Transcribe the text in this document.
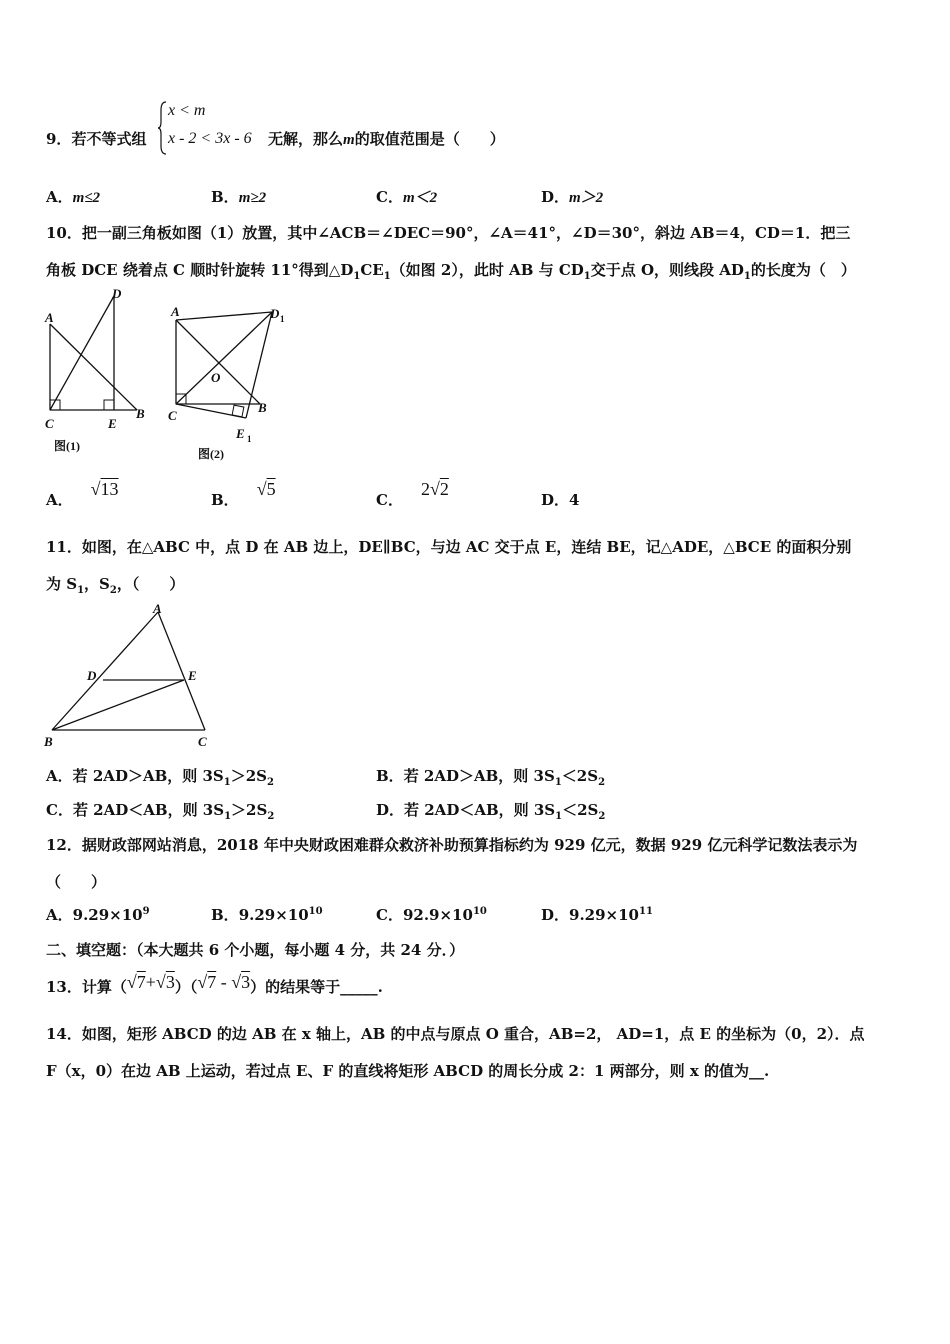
9．若不等式组
x < m
x - 2 < 3x - 6 无解，那么m的取值范围是（　　）
A．m≤2	B．m≥2	C．m＜2	D．m＞2
10．把一副三角板如图（1）放置，其中∠ACB＝∠DEC＝90°，∠A＝41°，∠D＝30°，斜边 AB＝4，CD＝1．把三
角板 DCE 绕着点 C 顺时针旋转 11°得到$\triangle D_1CE_1$（如图 2），此时 AB 与 $CD_1$交于点 O，则线段 $AD_1$的长度为（　）
A
D
C	E
B
图(1)
A	D 1
O
C
B
E 1
图(2)
A．√13
B．√5
C．2√2
D．4
11．如图，在△ABC 中，点 D 在 AB 边上，DE∥BC，与边 AC 交于点 E，连结 BE，记△ADE，△BCE 的面积分别
为 $S_1$，$S_2$，（　　）
A
D	E
B	C
A．若 2AD＞AB，则 $3S_1>2S_2$	B．若 2AD＞AB，则 $3S_1<2S_2$
C．若 2AD＜AB，则 $3S_1>2S_2$	D．若 2AD＜AB，则 $3S_1<2S_2$
12．据财政部网站消息，2018 年中央财政困难群众救济补助预算指标约为 929 亿元，数据 929 亿元科学记数法表示为
（　　）
A．$9.29\times 10^9$	B．$9.29\times 10^{10}$	C．$92.9\times 10^{10}$	D．$9.29\times 10^{11}$
二、填空题：（本大题共 6 个小题，每小题 4 分，共 24 分．）
13．计算（√7+√3）（√7 - √3）的结果等于_____.
14．如图，矩形 ABCD 的边 AB 在 x 轴上，AB 的中点与原点 O 重合，AB=2， AD=1，点 E 的坐标为（0，2）．点
F（x，0）在边 AB 上运动，若过点 E、F 的直线将矩形 ABCD 的周长分成 2：1 两部分，则 x 的值为__.
